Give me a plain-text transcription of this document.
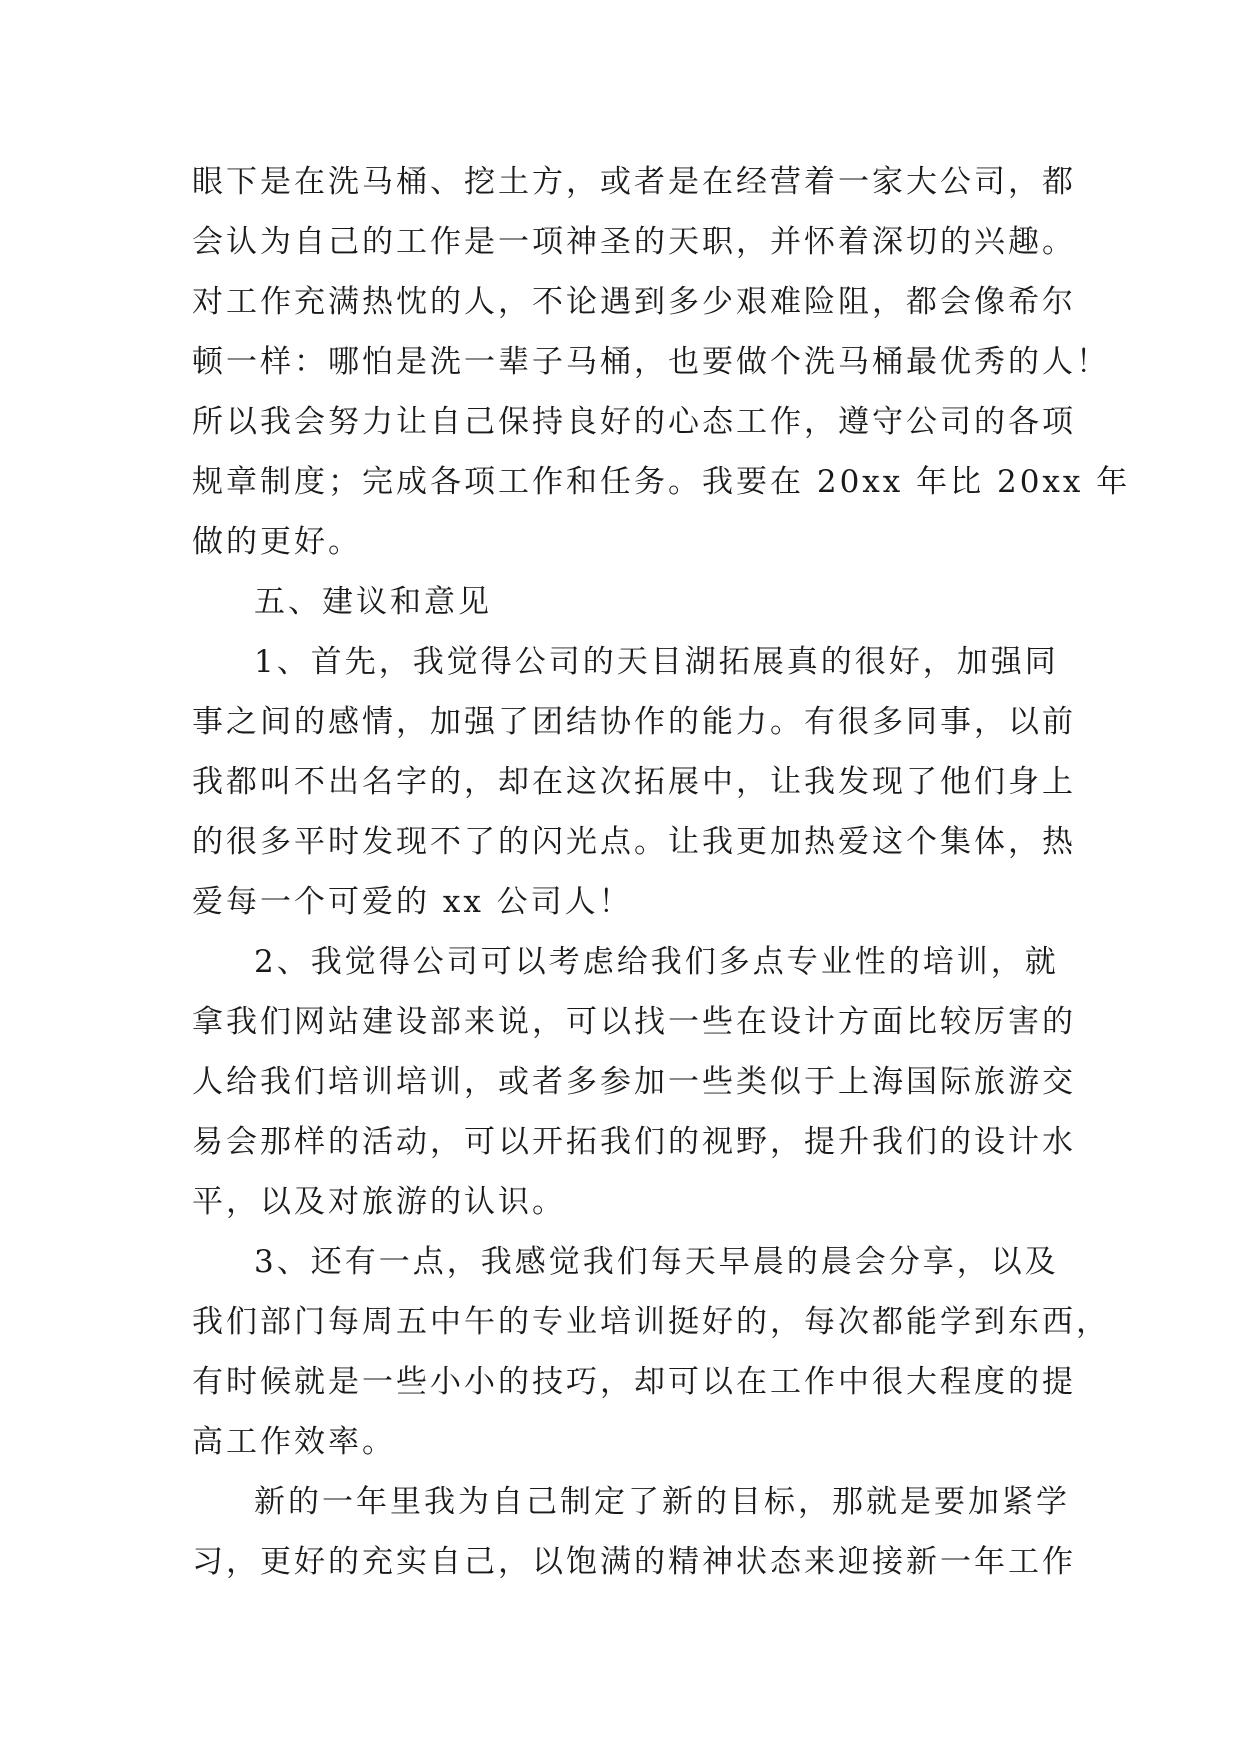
眼下是在洗马桶、挖土方，或者是在经营着一家大公司，都
会认为自己的工作是一项神圣的天职，并怀着深切的兴趣。
对工作充满热忱的人，不论遇到多少艰难险阻，都会像希尔
顿一样：哪怕是洗一辈子马桶，也要做个洗马桶最优秀的人！
所以我会努力让自己保持良好的心态工作，遵守公司的各项
规章制度；完成各项工作和任务。我要在 20xx 年比 20xx 年
做的更好。
五、建议和意见
1、首先，我觉得公司的天目湖拓展真的很好，加强同
事之间的感情，加强了团结协作的能力。有很多同事，以前
我都叫不出名字的，却在这次拓展中，让我发现了他们身上
的很多平时发现不了的闪光点。让我更加热爱这个集体，热
爱每一个可爱的 xx 公司人！
2、我觉得公司可以考虑给我们多点专业性的培训，就
拿我们网站建设部来说，可以找一些在设计方面比较厉害的
人给我们培训培训，或者多参加一些类似于上海国际旅游交
易会那样的活动，可以开拓我们的视野，提升我们的设计水
平，以及对旅游的认识。
3、还有一点，我感觉我们每天早晨的晨会分享，以及
我们部门每周五中午的专业培训挺好的，每次都能学到东西，
有时候就是一些小小的技巧，却可以在工作中很大程度的提
高工作效率。
新的一年里我为自己制定了新的目标，那就是要加紧学
习，更好的充实自己，以饱满的精神状态来迎接新一年工作
